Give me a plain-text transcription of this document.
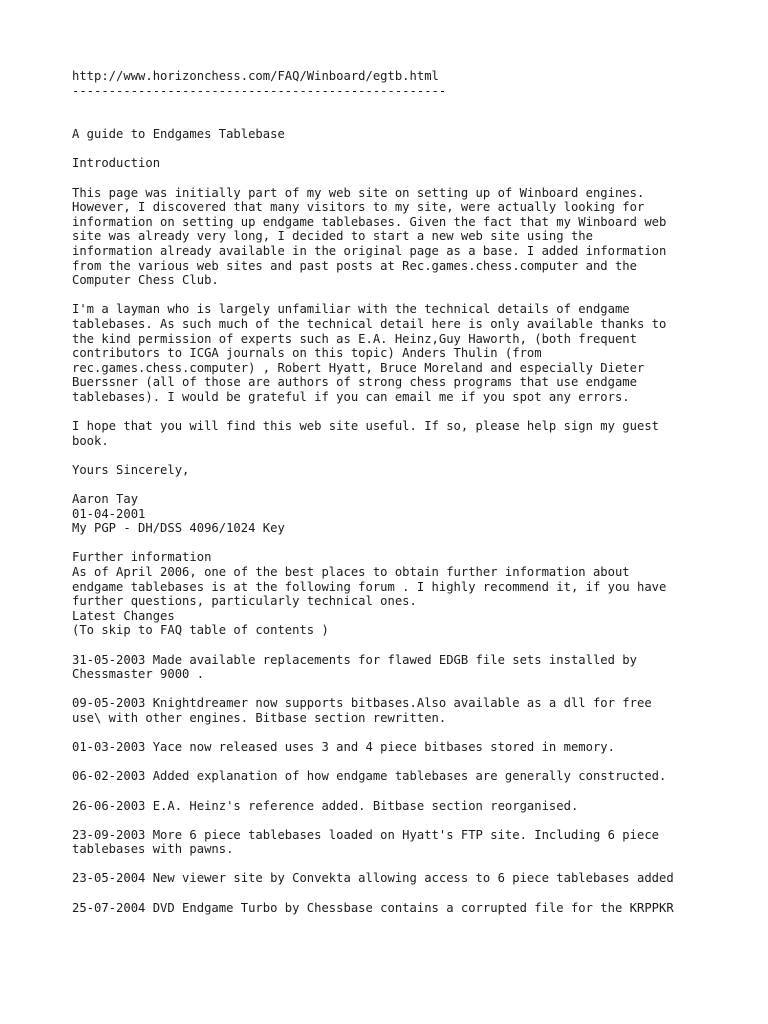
http://www.horizonchess.com/FAQ/Winboard/egtb.html
---------------------------------------------------
A guide to Endgames Tablebase
Introduction
This page was initially part of my web site on setting up of Winboard engines.
However, I discovered that many visitors to my site, were actually looking for
information on setting up endgame tablebases. Given the fact that my Winboard web
site was already very long, I decided to start a new web site using the
information already available in the original page as a base. I added information
from the various web sites and past posts at Rec.games.chess.computer and the
Computer Chess Club.
I'm a layman who is largely unfamiliar with the technical details of endgame
tablebases. As such much of the technical detail here is only available thanks to
the kind permission of experts such as E.A. Heinz,Guy Haworth, (both frequent
contributors to ICGA journals on this topic) Anders Thulin (from
rec.games.chess.computer) , Robert Hyatt, Bruce Moreland and especially Dieter
Buerssner (all of those are authors of strong chess programs that use endgame
tablebases). I would be grateful if you can email me if you spot any errors.
I hope that you will find this web site useful. If so, please help sign my guest
book.
Yours Sincerely,
Aaron Tay
01-04-2001
My PGP - DH/DSS 4096/1024 Key
Further information
As of April 2006, one of the best places to obtain further information about
endgame tablebases is at the following forum . I highly recommend it, if you have
further questions, particularly technical ones.
Latest Changes
(To skip to FAQ table of contents )
31-05-2003 Made available replacements for flawed EDGB file sets installed by
Chessmaster 9000 .
09-05-2003 Knightdreamer now supports bitbases.Also available as a dll for free
use\ with other engines. Bitbase section rewritten.
01-03-2003 Yace now released uses 3 and 4 piece bitbases stored in memory.
06-02-2003 Added explanation of how endgame tablebases are generally constructed.
26-06-2003 E.A. Heinz's reference added. Bitbase section reorganised.
23-09-2003 More 6 piece tablebases loaded on Hyatt's FTP site. Including 6 piece
tablebases with pawns.
23-05-2004 New viewer site by Convekta allowing access to 6 piece tablebases added
25-07-2004 DVD Endgame Turbo by Chessbase contains a corrupted file for the KRPPKR
